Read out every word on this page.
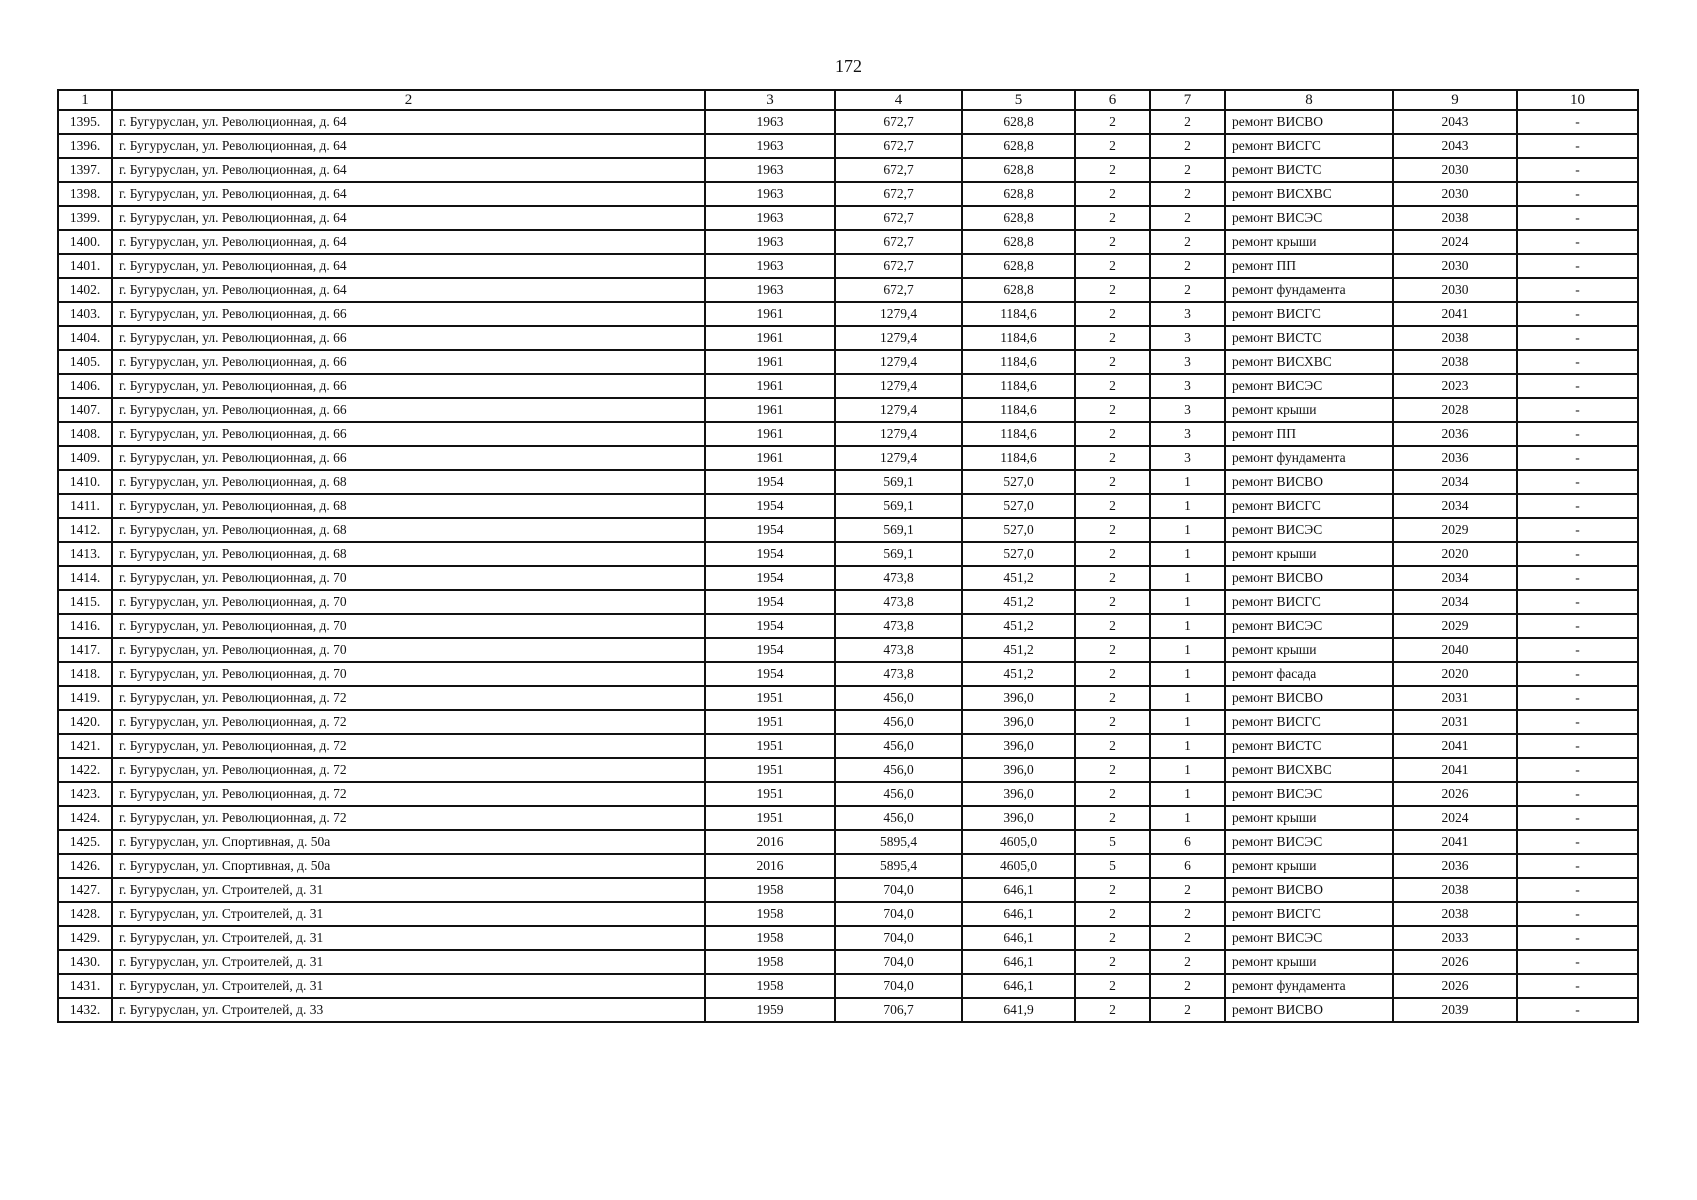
172
1	2	3	4	5	6	7	8	9	10
1395.	г. Бугуруслан, ул. Революционная, д. 64	1963	672,7	628,8	2	2	ремонт ВИСВО	2043	-
1396.	г. Бугуруслан, ул. Революционная, д. 64	1963	672,7	628,8	2	2	ремонт ВИСГС	2043	-
1397.	г. Бугуруслан, ул. Революционная, д. 64	1963	672,7	628,8	2	2	ремонт ВИСТС	2030	-
1398.	г. Бугуруслан, ул. Революционная, д. 64	1963	672,7	628,8	2	2	ремонт ВИСХВС	2030	-
1399.	г. Бугуруслан, ул. Революционная, д. 64	1963	672,7	628,8	2	2	ремонт ВИСЭС	2038	-
1400.	г. Бугуруслан, ул. Революционная, д. 64	1963	672,7	628,8	2	2	ремонт крыши	2024	-
1401.	г. Бугуруслан, ул. Революционная, д. 64	1963	672,7	628,8	2	2	ремонт ПП	2030	-
1402.	г. Бугуруслан, ул. Революционная, д. 64	1963	672,7	628,8	2	2	ремонт фундамента	2030	-
1403.	г. Бугуруслан, ул. Революционная, д. 66	1961	1279,4	1184,6	2	3	ремонт ВИСГС	2041	-
1404.	г. Бугуруслан, ул. Революционная, д. 66	1961	1279,4	1184,6	2	3	ремонт ВИСТС	2038	-
1405.	г. Бугуруслан, ул. Революционная, д. 66	1961	1279,4	1184,6	2	3	ремонт ВИСХВС	2038	-
1406.	г. Бугуруслан, ул. Революционная, д. 66	1961	1279,4	1184,6	2	3	ремонт ВИСЭС	2023	-
1407.	г. Бугуруслан, ул. Революционная, д. 66	1961	1279,4	1184,6	2	3	ремонт крыши	2028	-
1408.	г. Бугуруслан, ул. Революционная, д. 66	1961	1279,4	1184,6	2	3	ремонт ПП	2036	-
1409.	г. Бугуруслан, ул. Революционная, д. 66	1961	1279,4	1184,6	2	3	ремонт фундамента	2036	-
1410.	г. Бугуруслан, ул. Революционная, д. 68	1954	569,1	527,0	2	1	ремонт ВИСВО	2034	-
1411.	г. Бугуруслан, ул. Революционная, д. 68	1954	569,1	527,0	2	1	ремонт ВИСГС	2034	-
1412.	г. Бугуруслан, ул. Революционная, д. 68	1954	569,1	527,0	2	1	ремонт ВИСЭС	2029	-
1413.	г. Бугуруслан, ул. Революционная, д. 68	1954	569,1	527,0	2	1	ремонт крыши	2020	-
1414.	г. Бугуруслан, ул. Революционная, д. 70	1954	473,8	451,2	2	1	ремонт ВИСВО	2034	-
1415.	г. Бугуруслан, ул. Революционная, д. 70	1954	473,8	451,2	2	1	ремонт ВИСГС	2034	-
1416.	г. Бугуруслан, ул. Революционная, д. 70	1954	473,8	451,2	2	1	ремонт ВИСЭС	2029	-
1417.	г. Бугуруслан, ул. Революционная, д. 70	1954	473,8	451,2	2	1	ремонт крыши	2040	-
1418.	г. Бугуруслан, ул. Революционная, д. 70	1954	473,8	451,2	2	1	ремонт фасада	2020	-
1419.	г. Бугуруслан, ул. Революционная, д. 72	1951	456,0	396,0	2	1	ремонт ВИСВО	2031	-
1420.	г. Бугуруслан, ул. Революционная, д. 72	1951	456,0	396,0	2	1	ремонт ВИСГС	2031	-
1421.	г. Бугуруслан, ул. Революционная, д. 72	1951	456,0	396,0	2	1	ремонт ВИСТС	2041	-
1422.	г. Бугуруслан, ул. Революционная, д. 72	1951	456,0	396,0	2	1	ремонт ВИСХВС	2041	-
1423.	г. Бугуруслан, ул. Революционная, д. 72	1951	456,0	396,0	2	1	ремонт ВИСЭС	2026	-
1424.	г. Бугуруслан, ул. Революционная, д. 72	1951	456,0	396,0	2	1	ремонт крыши	2024	-
1425.	г. Бугуруслан, ул. Спортивная, д. 50а	2016	5895,4	4605,0	5	6	ремонт ВИСЭС	2041	-
1426.	г. Бугуруслан, ул. Спортивная, д. 50а	2016	5895,4	4605,0	5	6	ремонт крыши	2036	-
1427.	г. Бугуруслан, ул. Строителей, д. 31	1958	704,0	646,1	2	2	ремонт ВИСВО	2038	-
1428.	г. Бугуруслан, ул. Строителей, д. 31	1958	704,0	646,1	2	2	ремонт ВИСГС	2038	-
1429.	г. Бугуруслан, ул. Строителей, д. 31	1958	704,0	646,1	2	2	ремонт ВИСЭС	2033	-
1430.	г. Бугуруслан, ул. Строителей, д. 31	1958	704,0	646,1	2	2	ремонт крыши	2026	-
1431.	г. Бугуруслан, ул. Строителей, д. 31	1958	704,0	646,1	2	2	ремонт фундамента	2026	-
1432.	г. Бугуруслан, ул. Строителей, д. 33	1959	706,7	641,9	2	2	ремонт ВИСВО	2039	-
